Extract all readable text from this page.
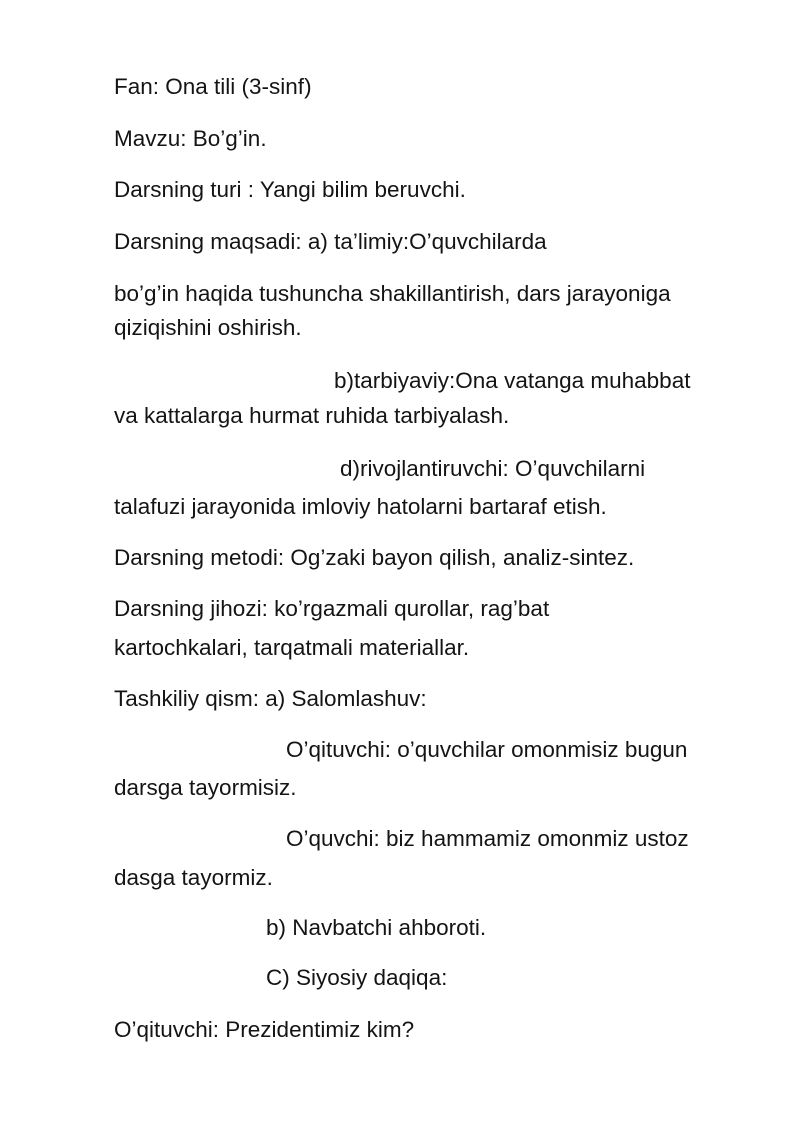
Fan: Ona tili (3-sinf)
Mavzu: Bo’g’in.
Darsning turi : Yangi bilim beruvchi.
Darsning maqsadi: a) ta’limiy:O’quvchilarda
bo’g’in haqida tushuncha shakillantirish, dars jarayoniga
qiziqishini oshirish.
b)tarbiyaviy:Ona vatanga muhabbat
va kattalarga hurmat ruhida tarbiyalash.
d)rivojlantiruvchi: O’quvchilarni
talafuzi jarayonida imloviy hatolarni bartaraf etish.
Darsning metodi: Og’zaki bayon qilish, analiz-sintez.
Darsning jihozi: ko’rgazmali qurollar, rag’bat
kartochkalari, tarqatmali materiallar.
Tashkiliy qism: a) Salomlashuv:
O’qituvchi: o’quvchilar omonmisiz bugun
darsga tayormisiz.
O’quvchi: biz hammamiz omonmiz ustoz
dasga tayormiz.
b) Navbatchi ahboroti.
C) Siyosiy daqiqa:
O’qituvchi: Prezidentimiz kim?
